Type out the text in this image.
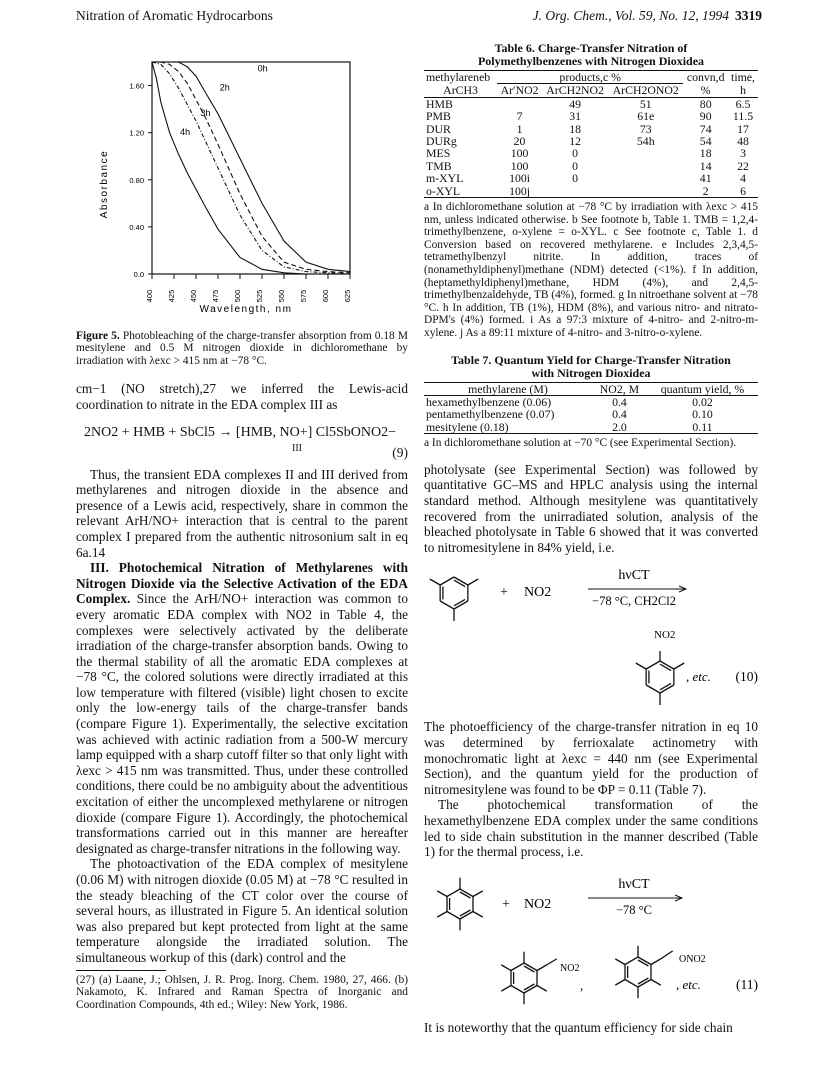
Nitration of Aromatic Hydrocarbons	J. Org. Chem., Vol. 59, No. 12, 1994 3319
0.0
0.40
0.80
1.20
1.60
400 425 450 475 500 525 550 575 600 625
0h
2h
3h
4h
Absorbance
Wavelength, nm

Figure 5. Photobleaching of the charge-transfer absorption from 0.18 M mesitylene and 0.5 M nitrogen dioxide in dichloromethane by irradiation with λexc > 415 nm at −78 °C.

cm−1 (NO stretch),27 we inferred the Lewis-acid coordination to nitrate in the EDA complex III as

2NO2 + HMB + SbCl5 → [HMB, NO+] Cl5SbONO2−
III	(9)

Thus, the transient EDA complexes II and III derived from methylarenes and nitrogen dioxide in the absence and presence of a Lewis acid, respectively, share in common the relevant ArH/NO+ interaction that is central to the parent complex I prepared from the authentic nitrosonium salt in eq 6a.14

III. Photochemical Nitration of Methylarenes with Nitrogen Dioxide via the Selective Activation of the EDA Complex. Since the ArH/NO+ interaction was common to every aromatic EDA complex with NO2 in Table 4, the complexes were selectively activated by the deliberate irradiation of the charge-transfer absorption bands. Owing to the thermal stability of all the aromatic EDA complexes at −78 °C, the colored solutions were directly irradiated at this low temperature with filtered (visible) light chosen to excite only the low-energy tails of the charge-transfer bands (compare Figure 1). Experimentally, the selective excitation was achieved with actinic radiation from a 500-W mercury lamp equipped with a sharp cutoff filter so that only light with λexc > 415 nm was transmitted. Thus, under these controlled conditions, there could be no ambiguity about the adventitious excitation of either the uncomplexed methylarene or nitrogen dioxide (compare Figure 1). Accordingly, the photochemical transformations carried out in this manner are hereafter designated as charge-transfer nitrations in the following way.

The photoactivation of the EDA complex of mesitylene (0.06 M) with nitrogen dioxide (0.05 M) at −78 °C resulted in the steady bleaching of the CT color over the course of several hours, as illustrated in Figure 5. An identical solution was also prepared but kept protected from light at the same temperature alongside the irradiated solution. The simultaneous workup of this (dark) control and the

(27) (a) Laane, J.; Ohlsen, J. R. Prog. Inorg. Chem. 1980, 27, 466. (b) Nakamoto, K. Infrared and Raman Spectra of Inorganic and Coordination Compounds, 4th ed.; Wiley: New York, 1986.

Table 6. Charge-Transfer Nitration of
Polymethylbenzenes with Nitrogen Dioxidea
methylareneb	products,c %			convn,d	time,
ArCH3	Ar′NO2	ArCH2NO2	ArCH2ONO2	%	h
HMB		49	51	80	6.5
PMB	7	31	61e	90	11.5
DUR	1	18	73	74	17
DURg	20	12	54h	54	48
MES	100	0		18	3
TMB	100	0		14	22
m-XYL	100i	0		41	4
o-XYL	100j			2	6

a In dichloromethane solution at −78 °C by irradiation with λexc > 415 nm, unless indicated otherwise. b See footnote b, Table 1. TMB = 1,2,4-trimethylbenzene, o-xylene = o-XYL. c See footnote c, Table 1. d Conversion based on recovered methylarene. e Includes 2,3,4,5-tetramethylbenzyl nitrite. In addition, traces of (nonamethyldiphenyl)methane (NDM) detected (<1%). f In addition, (heptamethyldiphenyl)methane, HDM (4%), and 2,4,5-trimethylbenzaldehyde, TB (4%), formed. g In nitroethane solvent at −78 °C. h In addition, TB (1%), HDM (8%), and various nitro- and nitrato-DPM's (4%) formed. i As a 97:3 mixture of 4-nitro- and 2-nitro-m-xylene. j As a 89:11 mixture of 4-nitro- and 3-nitro-o-xylene.

Table 7. Quantum Yield for Charge-Transfer Nitration
with Nitrogen Dioxidea
methylarene (M)	NO2, M	quantum yield, %
hexamethylbenzene (0.06)	0.4	0.02
pentamethylbenzene (0.07)	0.4	0.10
mesitylene (0.18)	2.0	0.11

a In dichloromethane solution at −70 °C (see Experimental Section).

photolysate (see Experimental Section) was followed by quantitative GC–MS and HPLC analysis using the internal standard method. Although mesitylene was quantitatively recovered from the unirradiated solution, analysis of the bleached photolysate in Table 6 showed that it was converted to nitromesitylene in 84% yield, i.e.

+ NO2
hνCT
−78 °C, CH2Cl2
NO2
, etc. (10)

The photoefficiency of the charge-transfer nitration in eq 10 was determined by ferrioxalate actinometry with monochromatic light at λexc = 440 nm (see Experimental Section), and the quantum yield for the production of nitromesitylene was found to be ΦP = 0.11 (Table 7).

The photochemical transformation of the hexamethylbenzene EDA complex under the same conditions led to side chain substitution in the manner described (Table 1) for the thermal process, i.e.

+ NO2
hνCT
−78 °C
NO2
,
ONO2
, etc.	(11)

It is noteworthy that the quantum efficiency for side chain
